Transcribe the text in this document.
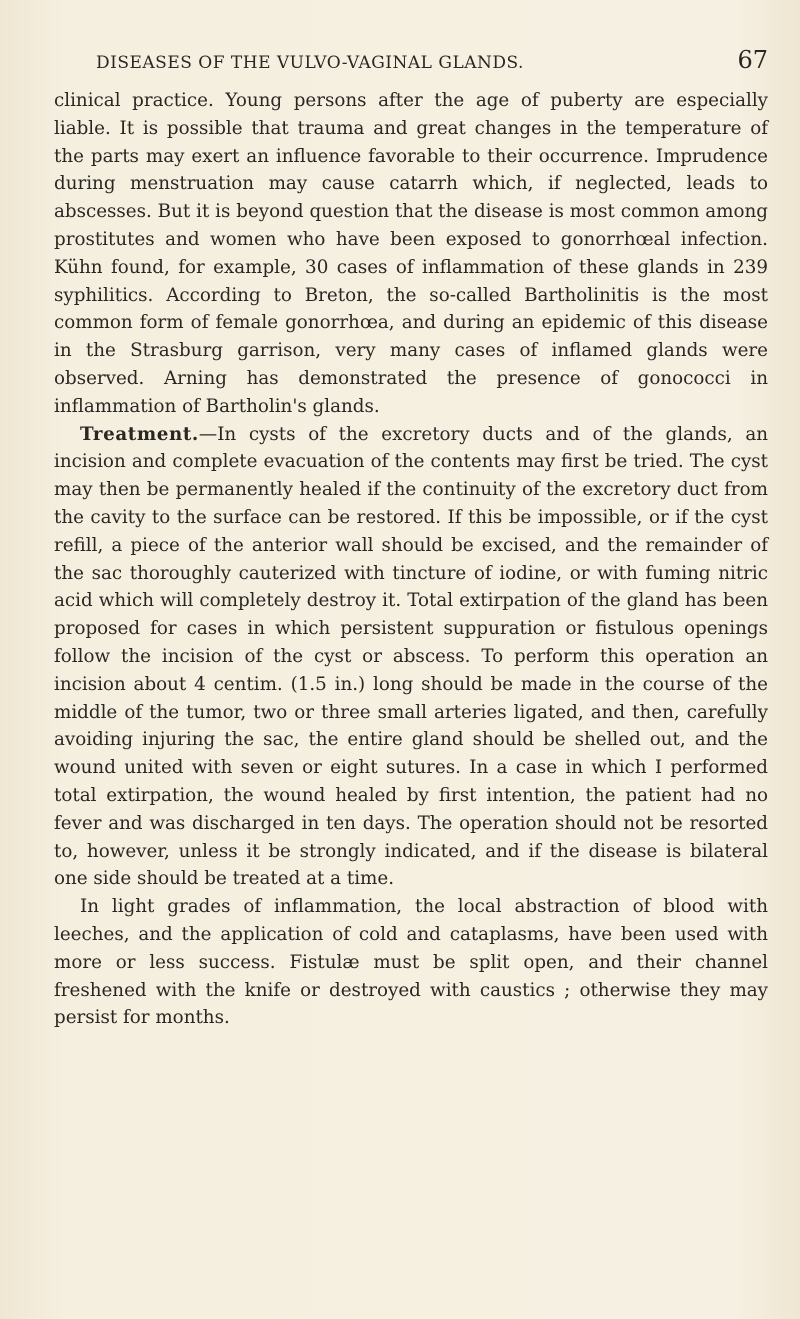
DISEASES OF THE VULVO-VAGINAL GLANDS.	67

clinical practice. Young persons after the age of puberty are especially liable. It is possible that trauma and great changes in the temperature of the parts may exert an influence favorable to their occurrence. Imprudence during menstruation may cause catarrh which, if neglected, leads to abscesses. But it is beyond question that the disease is most common among prostitutes and women who have been exposed to gonorrhœal infection. Kühn found, for example, 30 cases of inflammation of these glands in 239 syphilitics. According to Breton, the so-called Bartholinitis is the most common form of female gonorrhœa, and during an epidemic of this disease in the Strasburg garrison, very many cases of inflamed glands were observed. Arning has demonstrated the presence of gonococci in inflammation of Bartholin's glands.

Treatment.—In cysts of the excretory ducts and of the glands, an incision and complete evacuation of the contents may first be tried. The cyst may then be permanently healed if the continuity of the excretory duct from the cavity to the surface can be restored. If this be impossible, or if the cyst refill, a piece of the anterior wall should be excised, and the remainder of the sac thoroughly cauterized with tincture of iodine, or with fuming nitric acid which will completely destroy it. Total extirpation of the gland has been proposed for cases in which persistent suppuration or fistulous openings follow the incision of the cyst or abscess. To perform this operation an incision about 4 centim. (1.5 in.) long should be made in the course of the middle of the tumor, two or three small arteries ligated, and then, carefully avoiding injuring the sac, the entire gland should be shelled out, and the wound united with seven or eight sutures. In a case in which I performed total extirpation, the wound healed by first intention, the patient had no fever and was discharged in ten days. The operation should not be resorted to, however, unless it be strongly indicated, and if the disease is bilateral one side should be treated at a time.

In light grades of inflammation, the local abstraction of blood with leeches, and the application of cold and cataplasms, have been used with more or less success. Fistulæ must be split open, and their channel freshened with the knife or destroyed with caustics ; otherwise they may persist for months.
